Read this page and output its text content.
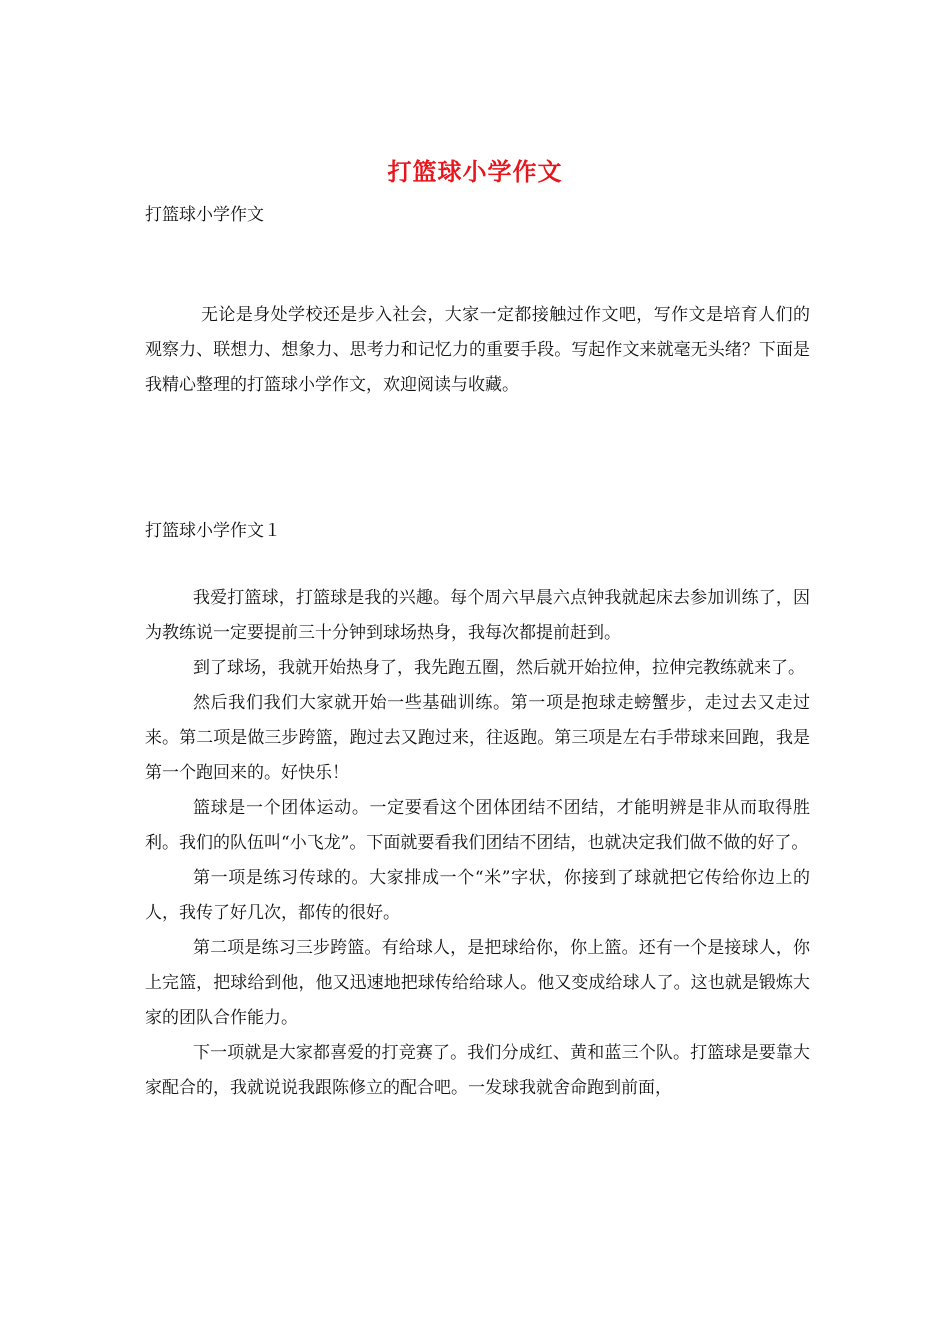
打篮球小学作文
打篮球小学作文

无论是身处学校还是步入社会，大家一定都接触过作文吧，写作文是培育人们的观察力、联想力、想象力、思考力和记忆力的重要手段。写起作文来就毫无头绪？下面是我精心整理的打篮球小学作文，欢迎阅读与收藏。

打篮球小学作文１

我爱打篮球，打篮球是我的兴趣。每个周六早晨六点钟我就起床去参加训练了，因为教练说一定要提前三十分钟到球场热身，我每次都提前赶到。

到了球场，我就开始热身了，我先跑五圈，然后就开始拉伸，拉伸完教练就来了。

然后我们我们大家就开始一些基础训练。第一项是抱球走螃蟹步，走过去又走过来。第二项是做三步跨篮，跑过去又跑过来，往返跑。第三项是左右手带球来回跑，我是第一个跑回来的。好快乐！

篮球是一个团体运动。一定要看这个团体团结不团结，才能明辨是非从而取得胜利。我们的队伍叫“小飞龙”。下面就要看我们团结不团结，也就决定我们做不做的好了。

第一项是练习传球的。大家排成一个“米”字状，你接到了球就把它传给你边上的人，我传了好几次，都传的很好。

第二项是练习三步跨篮。有给球人，是把球给你，你上篮。还有一个是接球人，你上完篮，把球给到他，他又迅速地把球传给给球人。他又变成给球人了。这也就是锻炼大家的团队合作能力。

下一项就是大家都喜爱的打竞赛了。我们分成红、黄和蓝三个队。打篮球是要靠大家配合的，我就说说我跟陈修立的配合吧。一发球我就舍命跑到前面，
